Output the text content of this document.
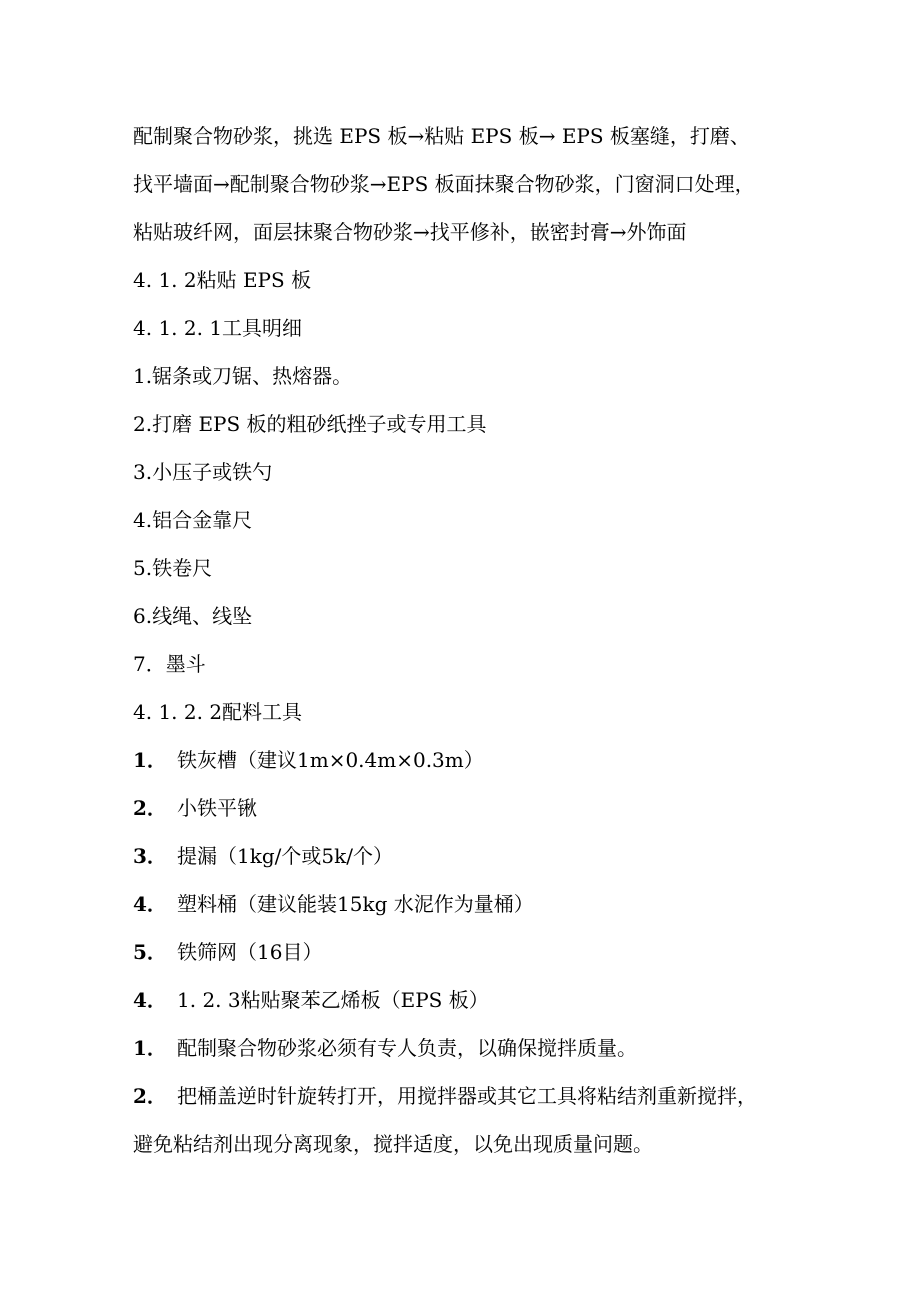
配制聚合物砂浆，挑选 EPS 板→粘贴 EPS 板→ EPS 板塞缝，打磨、
找平墙面→配制聚合物砂浆→EPS 板面抹聚合物砂浆，门窗洞口处理，
粘贴玻纤网，面层抹聚合物砂浆→找平修补，嵌密封膏→外饰面
4. 1. 2粘贴 EPS 板
4. 1. 2. 1工具明细
1.锯条或刀锯、热熔器。
2.打磨 EPS 板的粗砂纸挫子或专用工具
3.小压子或铁勺
4.铝合金靠尺
5.铁卷尺
6.线绳、线坠
7．墨斗
4. 1. 2. 2配料工具
1． 铁灰槽（建议1m×0.4m×0.3m）
2． 小铁平锹
3． 提漏（1kg/个或5k/个）
4． 塑料桶（建议能装15kg 水泥作为量桶）
5． 铁筛网（16目）
4． 1. 2. 3粘贴聚苯乙烯板（EPS 板）
1． 配制聚合物砂浆必须有专人负责，以确保搅拌质量。
2． 把桶盖逆时针旋转打开，用搅拌器或其它工具将粘结剂重新搅拌，
避免粘结剂出现分离现象，搅拌适度，以免出现质量问题。
